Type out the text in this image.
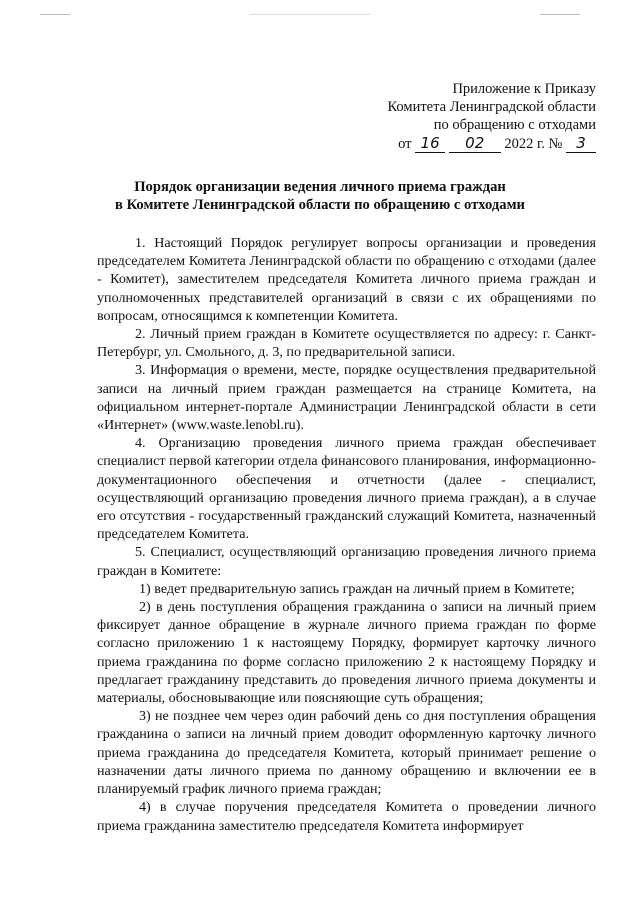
Приложение к Приказу
Комитета Ленинградской области
по обращению с отходами
от 16 02 2022 г. № 3
Порядок организации ведения личного приема граждан
в Комитете Ленинградской области по обращению с отходами

1. Настоящий Порядок регулирует вопросы организации и проведения председателем Комитета Ленинградской области по обращению с отходами (далее - Комитет), заместителем председателя Комитета личного приема граждан и уполномоченных представителей организаций в связи с их обращениями по вопросам, относящимся к компетенции Комитета.

2. Личный прием граждан в Комитете осуществляется по адресу: г. Санкт-Петербург, ул. Смольного, д. 3, по предварительной записи.

3. Информация о времени, месте, порядке осуществления предварительной записи на личный прием граждан размещается на странице Комитета, на официальном интернет-портале Администрации Ленинградской области в сети «Интернет» (www.waste.lenobl.ru).

4. Организацию проведения личного приема граждан обеспечивает специалист первой категории отдела финансового планирования, информационно-документационного обеспечения и отчетности (далее - специалист, осуществляющий организацию проведения личного приема граждан), а в случае его отсутствия - государственный гражданский служащий Комитета, назначенный председателем Комитета.

5. Специалист, осуществляющий организацию проведения личного приема граждан в Комитете:

1) ведет предварительную запись граждан на личный прием в Комитете;

2) в день поступления обращения гражданина о записи на личный прием фиксирует данное обращение в журнале личного приема граждан по форме согласно приложению 1 к настоящему Порядку, формирует карточку личного приема гражданина по форме согласно приложению 2 к настоящему Порядку и предлагает гражданину представить до проведения личного приема документы и материалы, обосновывающие или поясняющие суть обращения;

3) не позднее чем через один рабочий день со дня поступления обращения гражданина о записи на личный прием доводит оформленную карточку личного приема гражданина до председателя Комитета, который принимает решение о назначении даты личного приема по данному обращению и включении ее в планируемый график личного приема граждан;

4) в случае поручения председателя Комитета о проведении личного приема гражданина заместителю председателя Комитета информирует
